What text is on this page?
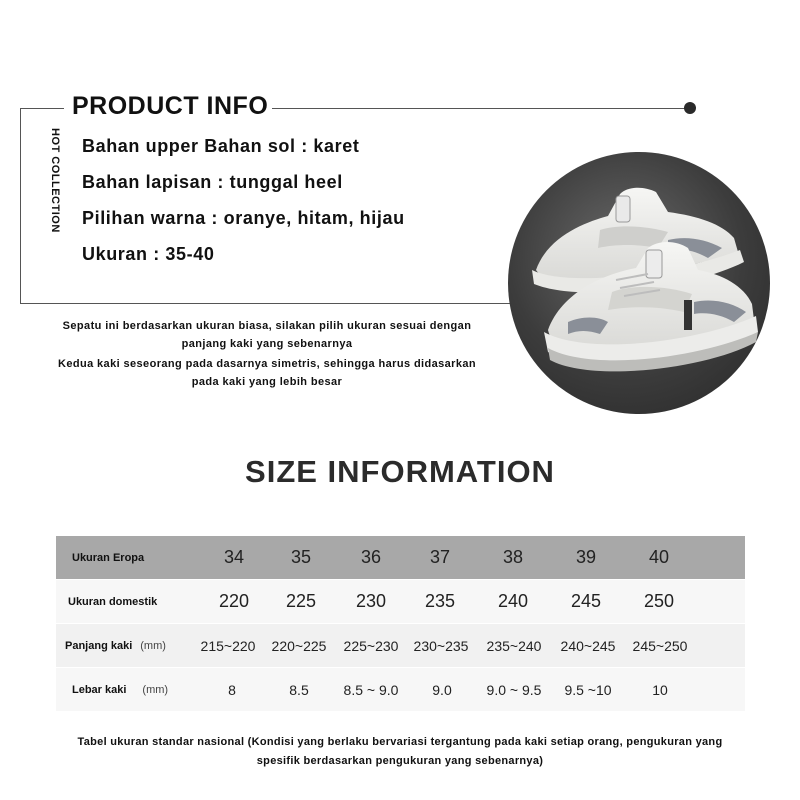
PRODUCT INFO
HOT COLLECTION Bahan upper Bahan sol : karet
Bahan lapisan : tunggal heel
Pilihan warna : oranye, hitam, hijau
Ukuran : 35-40
Sepatu ini berdasarkan ukuran biasa, silakan pilih ukuran sesuai dengan
panjang kaki yang sebenarnya
Kedua kaki seseorang pada dasarnya simetris, sehingga harus didasarkan
pada kaki yang lebih besar
SIZE INFORMATION
Ukuran Eropa	34	35	36	37	38	39	40
Ukuran domestik	220	225	230	235	240	245	250
Panjang kaki (mm)	215~220	220~225	225~230	230~235	235~240	240~245	245~250
Lebar kaki (mm)	8	8.5	8.5 ~ 9.0	9.0	9.0 ~ 9.5	9.5 ~10	10
Tabel ukuran standar nasional (Kondisi yang berlaku bervariasi tergantung pada kaki setiap orang, pengukuran yang
spesifik berdasarkan pengukuran yang sebenarnya)
